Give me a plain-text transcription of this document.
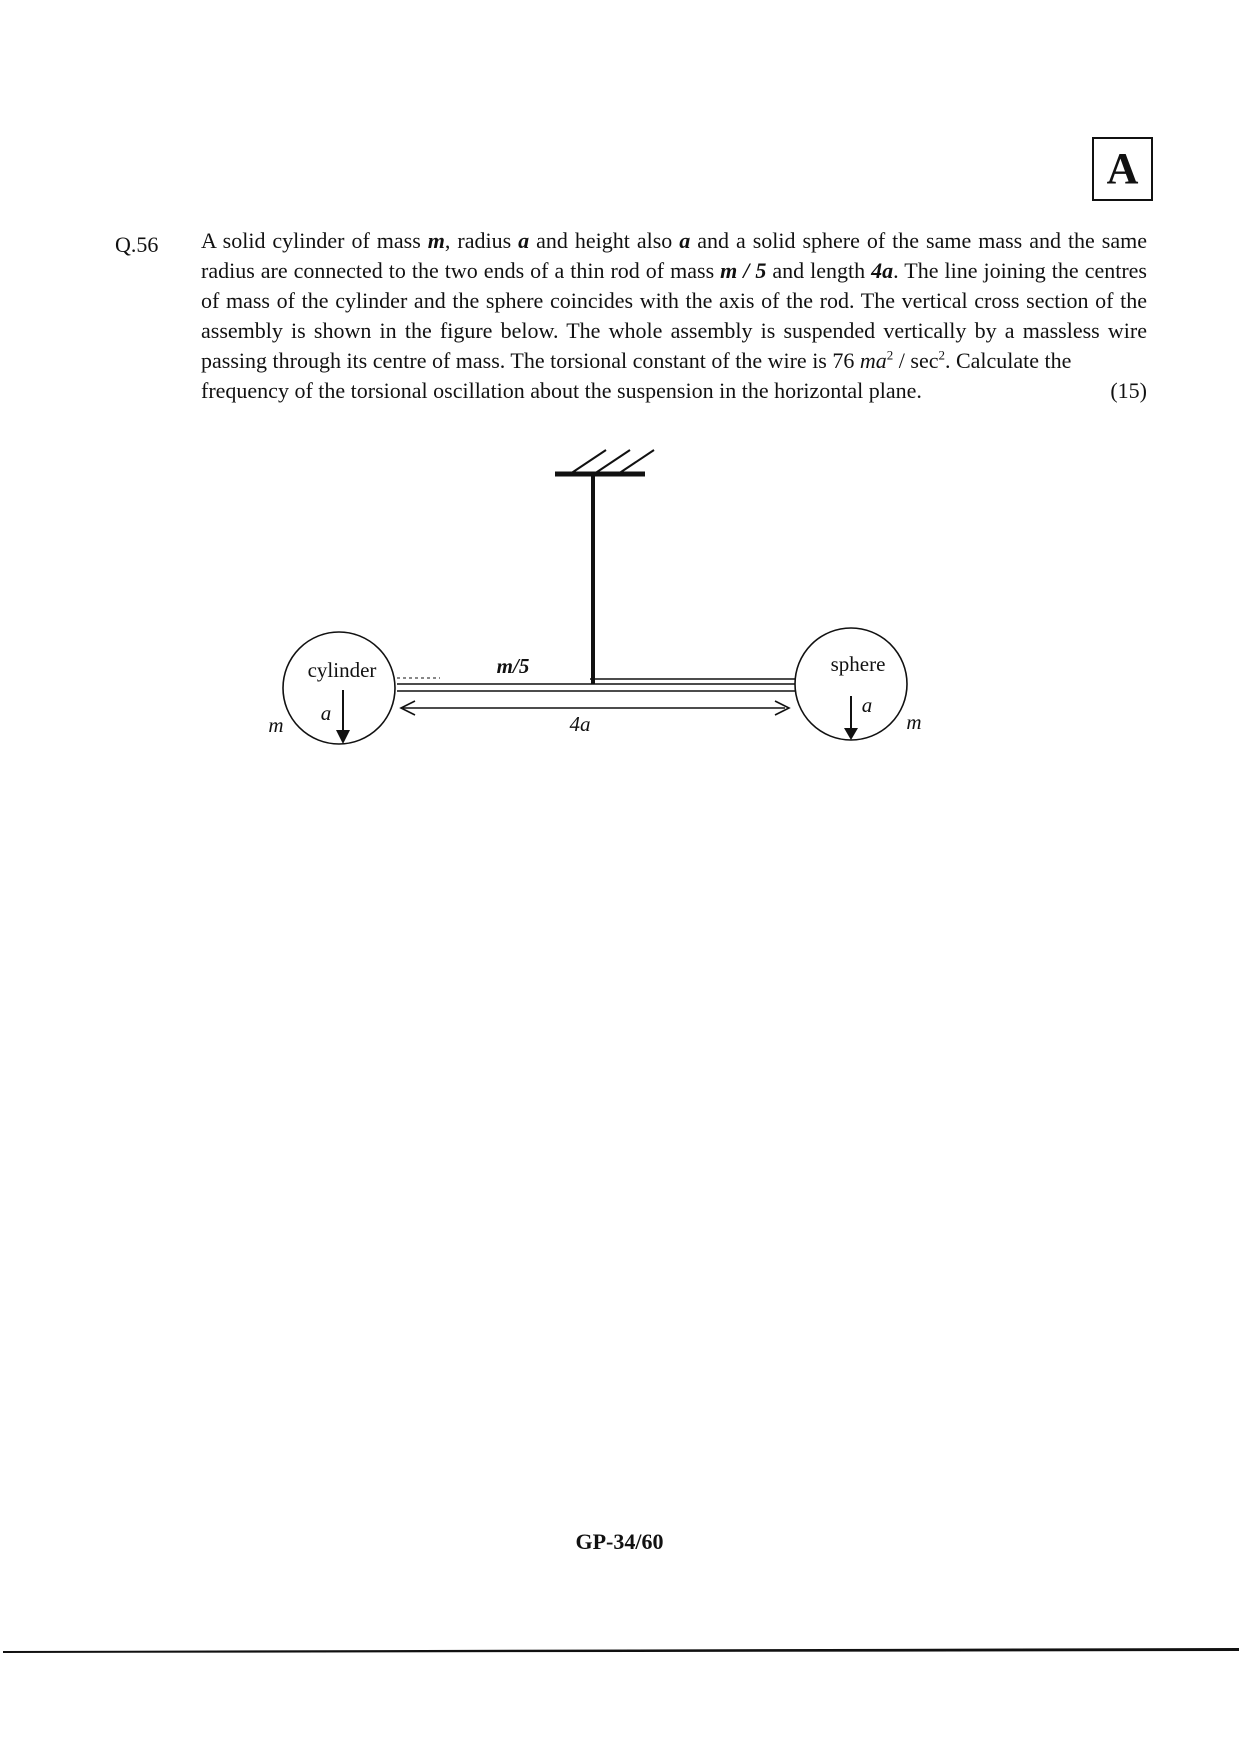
A
Q.56 A solid cylinder of mass m, radius a and height also a and a solid sphere of the same mass and the same radius are connected to the two ends of a thin rod of mass m / 5 and length 4a. The line joining the centres of mass of the cylinder and the sphere coincides with the axis of the rod. The vertical cross section of the assembly is shown in the figure below. The whole assembly is suspended vertically by a massless wire passing through its centre of mass. The torsional constant of the wire is 76 $ma^2 / \sec^2$. Calculate the
frequency of the torsional oscillation about the suspension in the horizontal plane.	(15)
cylinder	sphere
m/5
4a
a	a
m	m
GP-34/60
